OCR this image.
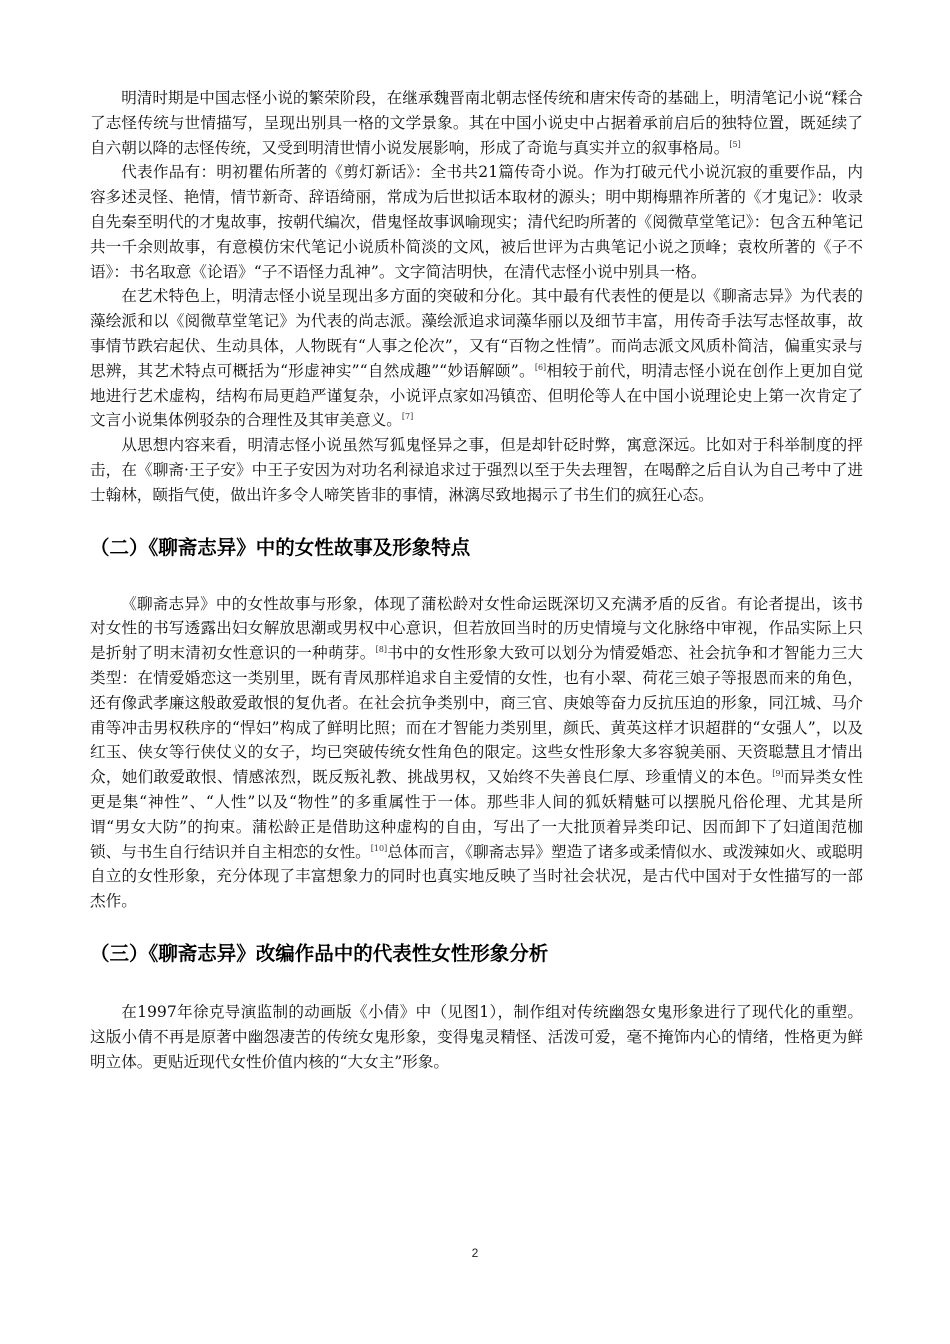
明清时期是中国志怪小说的繁荣阶段，在继承魏晋南北朝志怪传统和唐宋传奇的基础上，明清笔记小说“糅合了志怪传统与世情描写，呈现出别具一格的文学景象。其在中国小说史中占据着承前启后的独特位置，既延续了自六朝以降的志怪传统，又受到明清世情小说发展影响，形成了奇诡与真实并立的叙事格局。[5]

代表作品有：明初瞿佑所著的《剪灯新话》：全书共21篇传奇小说。作为打破元代小说沉寂的重要作品，内容多述灵怪、艳情，情节新奇、辞语绮丽，常成为后世拟话本取材的源头；明中期梅鼎祚所著的《才鬼记》：收录自先秦至明代的才鬼故事，按朝代编次，借鬼怪故事讽喻现实；清代纪昀所著的《阅微草堂笔记》：包含五种笔记共一千余则故事，有意模仿宋代笔记小说质朴简淡的文风，被后世评为古典笔记小说之顶峰；袁枚所著的《子不语》：书名取意《论语》“子不语怪力乱神”。文字简洁明快，在清代志怪小说中别具一格。

在艺术特色上，明清志怪小说呈现出多方面的突破和分化。其中最有代表性的便是以《聊斋志异》为代表的藻绘派和以《阅微草堂笔记》为代表的尚志派。藻绘派追求词藻华丽以及细节丰富，用传奇手法写志怪故事，故事情节跌宕起伏、生动具体，人物既有“人事之伦次”，又有“百物之性情”。而尚志派文风质朴简洁，偏重实录与思辨，其艺术特点可概括为“形虚神实”“自然成趣”“妙语解颐”。[6]相较于前代，明清志怪小说在创作上更加自觉地进行艺术虚构，结构布局更趋严谨复杂，小说评点家如冯镇峦、但明伦等人在中国小说理论史上第一次肯定了文言小说集体例驳杂的合理性及其审美意义。[7]

从思想内容来看，明清志怪小说虽然写狐鬼怪异之事，但是却针砭时弊，寓意深远。比如对于科举制度的抨击，在《聊斋·王子安》中王子安因为对功名利禄追求过于强烈以至于失去理智，在喝醉之后自认为自己考中了进士翰林，颐指气使，做出许多令人啼笑皆非的事情，淋漓尽致地揭示了书生们的疯狂心态。

（二）《聊斋志异》中的女性故事及形象特点

《聊斋志异》中的女性故事与形象，体现了蒲松龄对女性命运既深切又充满矛盾的反省。有论者提出，该书对女性的书写透露出妇女解放思潮或男权中心意识，但若放回当时的历史情境与文化脉络中审视，作品实际上只是折射了明末清初女性意识的一种萌芽。[8]书中的女性形象大致可以划分为情爱婚恋、社会抗争和才智能力三大类型：在情爱婚恋这一类别里，既有青凤那样追求自主爱情的女性，也有小翠、荷花三娘子等报恩而来的角色，还有像武孝廉这般敢爱敢恨的复仇者。在社会抗争类别中，商三官、庚娘等奋力反抗压迫的形象，同江城、马介甫等冲击男权秩序的“悍妇”构成了鲜明比照；而在才智能力类别里，颜氏、黄英这样才识超群的“女强人”，以及红玉、侠女等行侠仗义的女子，均已突破传统女性角色的限定。这些女性形象大多容貌美丽、天资聪慧且才情出众，她们敢爱敢恨、情感浓烈，既反叛礼教、挑战男权，又始终不失善良仁厚、珍重情义的本色。[9]而异类女性更是集“神性”、“人性”以及“物性”的多重属性于一体。那些非人间的狐妖精魅可以摆脱凡俗伦理、尤其是所谓“男女大防”的拘束。蒲松龄正是借助这种虚构的自由，写出了一大批顶着异类印记、因而卸下了妇道闺范枷锁、与书生自行结识并自主相恋的女性。[10]总体而言，《聊斋志异》塑造了诸多或柔情似水、或泼辣如火、或聪明自立的女性形象，充分体现了丰富想象力的同时也真实地反映了当时社会状况，是古代中国对于女性描写的一部杰作。

（三）《聊斋志异》改编作品中的代表性女性形象分析

在1997年徐克导演监制的动画版《小倩》中（见图1），制作组对传统幽怨女鬼形象进行了现代化的重塑。这版小倩不再是原著中幽怨凄苦的传统女鬼形象，变得鬼灵精怪、活泼可爱，毫不掩饰内心的情绪，性格更为鲜明立体。更贴近现代女性价值内核的“大女主”形象。

2
